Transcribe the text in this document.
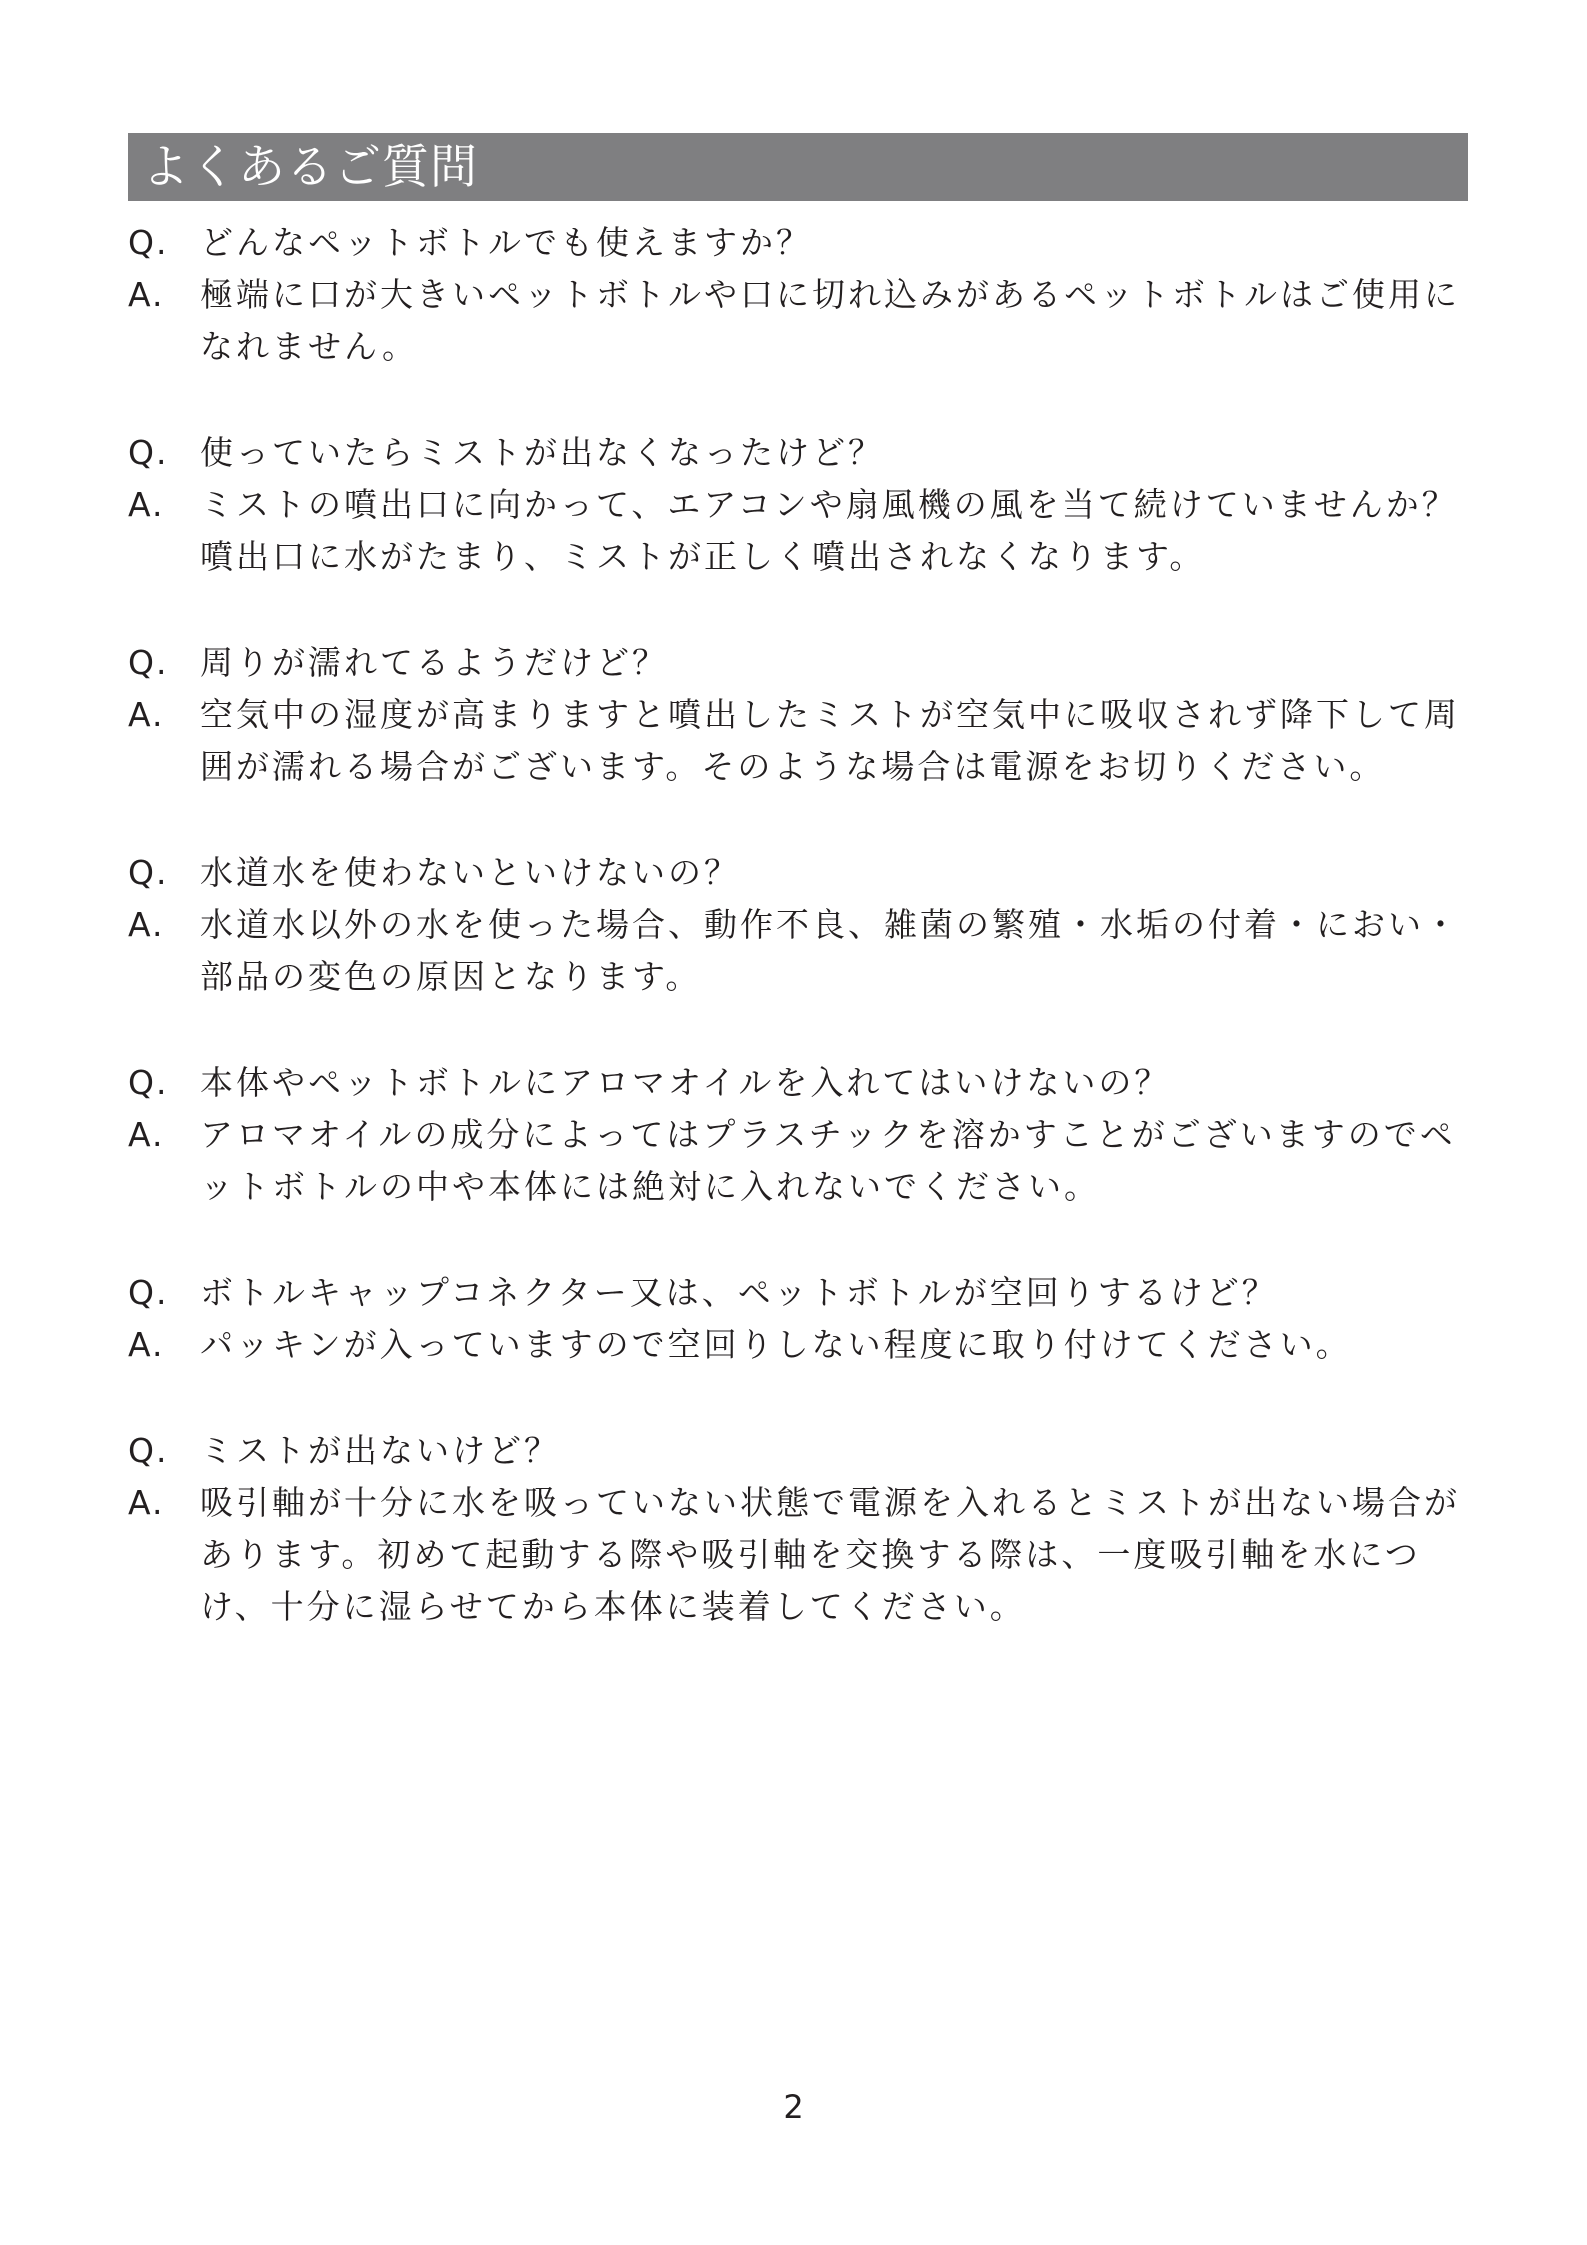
よくあるご質問
Q. どんなペットボトルでも使えますか？
A.	極端に口が大きいペットボトルや口に切れ込みがあるペットボトルはご使用になれません。
Q. 使っていたらミストが出なくなったけど？
A.	ミストの噴出口に向かって、エアコンや扇風機の風を当て続けていませんか？ 噴出口に水がたまり、ミストが正しく噴出されなくなります。
Q. 周りが濡れてるようだけど？
A.	空気中の湿度が高まりますと噴出したミストが空気中に吸収されず降下して周囲が濡れる場合がございます。そのような場合は電源をお切りください。
Q. 水道水を使わないといけないの？
A.	水道水以外の水を使った場合、動作不良、雑菌の繁殖・水垢の付着・におい・部品の変色の原因となります。
Q. 本体やペットボトルにアロマオイルを入れてはいけないの？
A.	アロマオイルの成分によってはプラスチックを溶かすことがございますのでペットボトルの中や本体には絶対に入れないでください。
Q. ボトルキャップコネクター又は、ペットボトルが空回りするけど？
A.	パッキンが入っていますので空回りしない程度に取り付けてください。
Q. ミストが出ないけど？
A.	吸引軸が十分に水を吸っていない状態で電源を入れるとミストが出ない場合があります。初めて起動する際や吸引軸を交換する際は、一度吸引軸を水につけ、十分に湿らせてから本体に装着してください。
2
